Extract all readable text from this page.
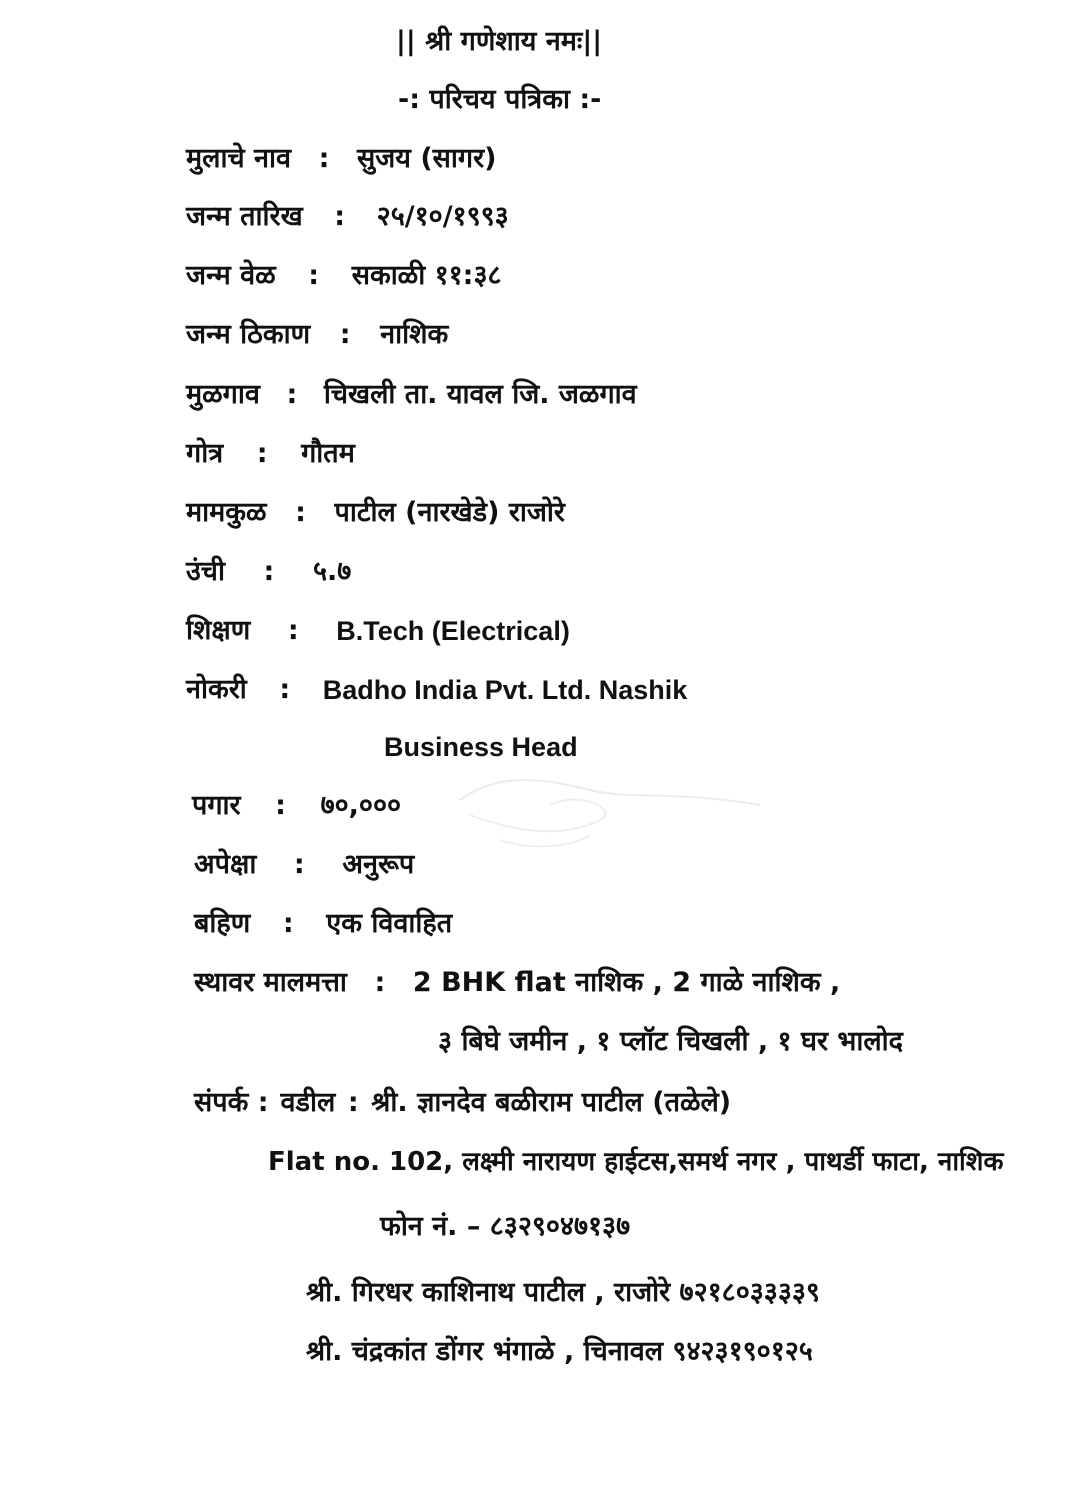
|| श्री गणेशाय नमः||
-: परिचय पत्रिका :-
मुलाचे नाव	:	सुजय (सागर)
जन्म तारिख	:	२५/१०/१९९३
जन्म वेळ	:	सकाळी ११:३८
जन्म ठिकाण	:	नाशिक
मुळगाव : चिखली ता. यावल जि. जळगाव
गोत्र	:	गौतम
मामकुळ	:	पाटील (नारखेडे) राजोरे
उंची	:	५.७
शिक्षण	:	B.Tech (Electrical)
नोकरी	:	Badho India Pvt. Ltd. Nashik
Business Head
पगार	:	७०,०००
अपेक्षा	:	अनुरूप
बहिण	:	एक विवाहित
स्थावर मालमत्ता	:	2 BHK flat नाशिक , 2 गाळे नाशिक ,
३ बिघे जमीन , १ प्लॉट चिखली , १ घर भालोद
संपर्क : वडील : श्री. ज्ञानदेव बळीराम पाटील (तळेले)
Flat no. 102, लक्ष्मी नारायण हाईटस,समर्थ नगर , पाथर्डी फाटा, नाशिक
फोन नं. – ८३२९०४७१३७
श्री. गिरधर काशिनाथ पाटील , राजोरे ७२१८०३३३३९
श्री. चंद्रकांत डोंगर भंगाळे , चिनावल ९४२३१९०१२५
